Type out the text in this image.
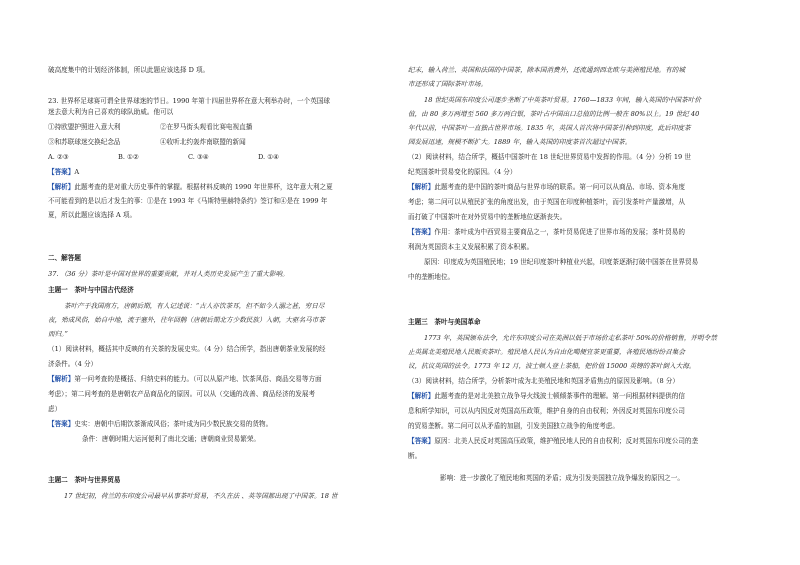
破高度集中的计划经济体制，所以此题应该选择 D 项。
23. 世界杯足球赛可谓全世界球迷的节日。1990 年第十四届世界杯在意大利举办时，一个英国球
迷去意大利为自己喜欢的球队助威。他可以
①持欧盟护照进入意大利	②在罗马街头观看比赛电视直播
③和苏联球迷交换纪念品	④收听北约轰炸南联盟的新闻
A. ②③	B. ①②	C. ③④	D. ①④
【答案】A
【解析】此题考查的是对重大历史事件的掌握。根据材料反映的 1990 年世界杯，这年意大利之夏
不可能看到的是以后才发生的事：①是在 1993 年《马斯特里赫特条约》签订和④是在 1999 年
夏，所以此题应该选择 A 项。
二、解答题
37. （36 分）茶叶是中国对世界的重要贡献，并对人类历史发展产生了重大影响。
主题一　茶叶与中国古代经济
茶叶产于我国南方，唐朝后期，有人记述说：“古人亦饮茶耳，但不如今人溺之甚，穷日尽
夜，殆成风俗，始自中地，流于塞外，往年回鹘（唐朝后期北方少数民族）入朝，大驱名马市茶
而归。”
（1）阅读材料，概括其中反映的有关茶的发展史实。（4 分）结合所学，指出唐朝茶业发展的经
济条件。（4 分）
【解析】第一问考查的是概括、归纳史料的能力。（可以从原产地、饮茶风俗、商品交易等方面
考虑）；第二问考查的是唐朝农产品商品化的原因。可以从（交通的改善、商品经济的发展考
虑）
【答案】史实：唐朝中后期饮茶渐成风俗；茶叶成为同少数民族交易的货物。
条件：唐朝时期大运河便利了南北交通；唐朝商业贸易繁荣。
主题二　茶叶与世界贸易
17 世纪初，荷兰的东印度公司最早从事茶叶贸易，不久在法 、英等国都出现了中国茶。18 世
纪末，输入荷兰、英国和法国的中国茶，除本国消费外，还流通到西北欧与美洲殖民地。有的城
市还形成了国际茶叶市场。
18 世纪英国东印度公司逐步垄断了中英茶叶贸易。1760—1833 年间，输入英国的中国茶叶价
值，由 80 多万两增至 560 多万两白银，茶叶占中国出口总值的比例一般在 80%以上。19 世纪 40
年代以前，中国茶叶一直独占世界市场。1835 年，英国人首次将中国茶引种到印度，此后印度茶
园发展迅速，规模不断扩大。1889 年，输入英国的印度茶首次超过中国茶。
（2）阅读材料，结合所学，概括中国茶叶在 18 世纪世界贸易中发挥的作用。（4 分）分析 19 世
纪英国茶叶贸易变化的原因。（4 分）
【解析】此题考查的是中国的茶叶商品与世界市场的联系。第一问可以从商品、市场、资本角度
考虑；第二问可以从殖民扩张的角度出发，由于英国在印度种植茶叶，而引发茶叶产量激增，从
而打破了中国茶叶在对外贸易中的垄断地位逐渐丧失。
【答案】作用：茶叶成为中西贸易主要商品之一，茶叶贸易促进了世界市场的发展；茶叶贸易的
利润为英国资本主义发展积累了资本积累。
原因：印度成为英国殖民地；19 世纪印度茶叶种植业兴起，印度茶逐渐打破中国茶在世界贸易
中的垄断地位。
主题三　茶叶与美国革命
1773 年，英国颁布法令，允许东印度公司在美洲以低于市场价走私茶叶 50%的价格销售，并明令禁
止英属北美殖民地人民贩卖茶叶。殖民地人民认为自由化喝便宜茶更重要，各殖民地纷纷召集会
议，抗议英国的法令。1773 年 12 月，波士顿人登上茶船，把价值 15000 英镑的茶叶倒入大海。
（3）阅读材料，结合所学，分析茶叶成为北美殖民地和英国矛盾焦点的原因及影响。（8 分）
【解析】此题考查的是对北美独立战争导火线波士顿倾茶事件的理解。第一问根据材料提供的信
息和所学知识，可以从内因反对英国高压政策，维护自身的自由权利；外因反对英国东印度公司
的贸易垄断。第二问可以从矛盾的加剧，引发美国独立战争的角度考虑。
【答案】原因：北美人民反对英国高压政策，维护殖民地人民的自由权利；反对英国东印度公司的垄
断。
影响：进一步激化了殖民地和英国的矛盾；成为引发美国独立战争爆发的原因之一。
